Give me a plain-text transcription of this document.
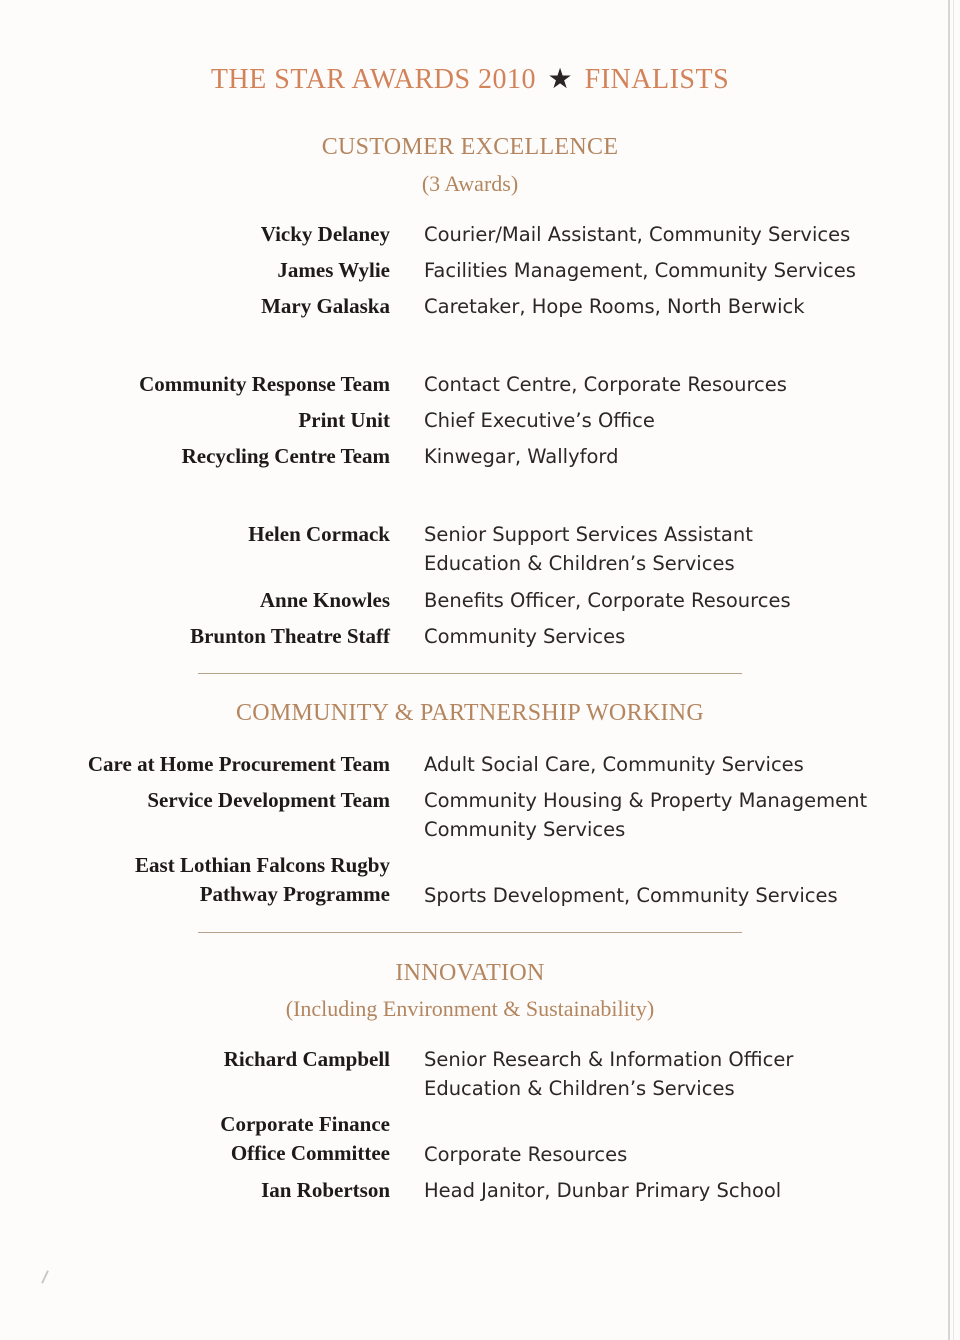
THE STAR AWARDS 2010 ★ FINALISTS
CUSTOMER EXCELLENCE
(3 Awards)
Vicky Delaney Courier/Mail Assistant, Community Services
James Wylie Facilities Management, Community Services
Mary Galaska Caretaker, Hope Rooms, North Berwick
Community Response Team Contact Centre, Corporate Resources
Print Unit Chief Executive’s Office
Recycling Centre Team Kinwegar, Wallyford
Helen Cormack Senior Support Services Assistant
Education & Children’s Services
Anne Knowles Benefits Officer, Corporate Resources
Brunton Theatre Staff Community Services
COMMUNITY & PARTNERSHIP WORKING
Care at Home Procurement Team Adult Social Care, Community Services
Service Development Team Community Housing & Property Management
Community Services
East Lothian Falcons Rugby
Pathway Programme Sports Development, Community Services
INNOVATION
(Including Environment & Sustainability)
Richard Campbell Senior Research & Information Officer
Education & Children’s Services
Corporate Finance
Office Committee Corporate Resources
Ian Robertson Head Janitor, Dunbar Primary School
